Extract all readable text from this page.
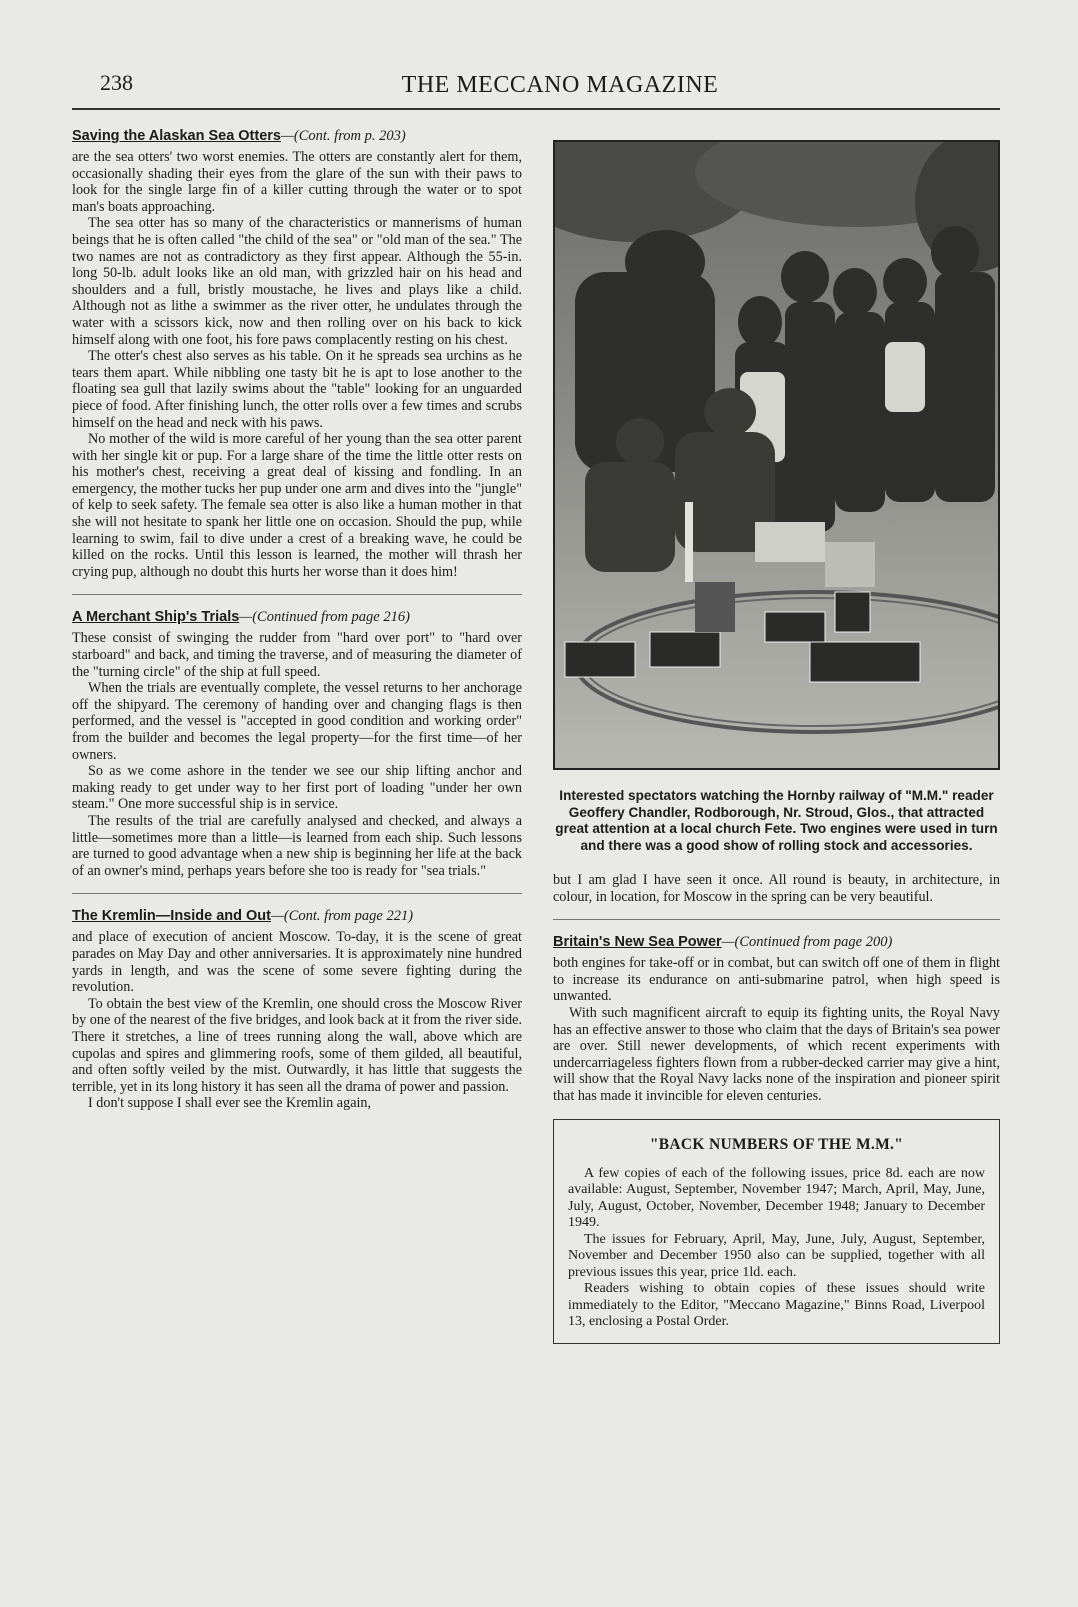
238	THE MECCANO MAGAZINE
Saving the Alaskan Sea Otters—(Cont. from p. 203)

are the sea otters' two worst enemies. The otters are constantly alert for them, occasionally shading their eyes from the glare of the sun with their paws to look for the single large fin of a killer cutting through the water or to spot man's boats approaching.

The sea otter has so many of the characteristics or mannerisms of human beings that he is often called "the child of the sea" or "old man of the sea." The two names are not as contradictory as they first appear. Although the 55-in. long 50-lb. adult looks like an old man, with grizzled hair on his head and shoulders and a full, bristly moustache, he lives and plays like a child. Although not as lithe a swimmer as the river otter, he undulates through the water with a scissors kick, now and then rolling over on his back to kick himself along with one foot, his fore paws complacently resting on his chest.

The otter's chest also serves as his table. On it he spreads sea urchins as he tears them apart. While nibbling one tasty bit he is apt to lose another to the floating sea gull that lazily swims about the "table" looking for an unguarded piece of food. After finishing lunch, the otter rolls over a few times and scrubs himself on the head and neck with his paws.

No mother of the wild is more careful of her young than the sea otter parent with her single kit or pup. For a large share of the time the little otter rests on his mother's chest, receiving a great deal of kissing and fondling. In an emergency, the mother tucks her pup under one arm and dives into the "jungle" of kelp to seek safety. The female sea otter is also like a human mother in that she will not hesitate to spank her little one on occasion. Should the pup, while learning to swim, fail to dive under a crest of a breaking wave, he could be killed on the rocks. Until this lesson is learned, the mother will thrash her crying pup, although no doubt this hurts her worse than it does him!

A Merchant Ship's Trials—(Continued from page 216)

These consist of swinging the rudder from "hard over port" to "hard over starboard" and back, and timing the traverse, and of measuring the diameter of the "turning circle" of the ship at full speed.

When the trials are eventually complete, the vessel returns to her anchorage off the shipyard. The ceremony of handing over and changing flags is then performed, and the vessel is "accepted in good condition and working order" from the builder and becomes the legal property—for the first time—of her owners.

So as we come ashore in the tender we see our ship lifting anchor and making ready to get under way to her first port of loading "under her own steam." One more successful ship is in service.

The results of the trial are carefully analysed and checked, and always a little—sometimes more than a little—is learned from each ship. Such lessons are turned to good advantage when a new ship is beginning her life at the back of an owner's mind, perhaps years before she too is ready for "sea trials."

The Kremlin—Inside and Out—(Cont. from page 221)

and place of execution of ancient Moscow. To-day, it is the scene of great parades on May Day and other anniversaries. It is approximately nine hundred yards in length, and was the scene of some severe fighting during the revolution.

To obtain the best view of the Kremlin, one should cross the Moscow River by one of the nearest of the five bridges, and look back at it from the river side. There it stretches, a line of trees running along the wall, above which are cupolas and spires and glimmering roofs, some of them gilded, all beautiful, and often softly veiled by the mist. Outwardly, it has little that suggests the terrible, yet in its long history it has seen all the drama of power and passion.

I don't suppose I shall ever see the Kremlin again,

Interested spectators watching the Hornby railway of "M.M." reader Geoffery Chandler, Rodborough, Nr. Stroud, Glos., that attracted great attention at a local church Fete. Two engines were used in turn and there was a good show of rolling stock and accessories.

but I am glad I have seen it once. All round is beauty, in architecture, in colour, in location, for Moscow in the spring can be very beautiful.

Britain's New Sea Power—(Continued from page 200)

both engines for take-off or in combat, but can switch off one of them in flight to increase its endurance on anti-submarine patrol, when high speed is unwanted.

With such magnificent aircraft to equip its fighting units, the Royal Navy has an effective answer to those who claim that the days of Britain's sea power are over. Still newer developments, of which recent experiments with undercarriageless fighters flown from a rubber-decked carrier may give a hint, will show that the Royal Navy lacks none of the inspiration and pioneer spirit that has made it invincible for eleven centuries.

"BACK NUMBERS OF THE M.M."

A few copies of each of the following issues, price 8d. each are now available: August, September, November 1947; March, April, May, June, July, August, October, November, December 1948; January to December 1949.

The issues for February, April, May, June, July, August, September, November and December 1950 also can be supplied, together with all previous issues this year, price 1ld. each.

Readers wishing to obtain copies of these issues should write immediately to the Editor, "Meccano Magazine," Binns Road, Liverpool 13, enclosing a Postal Order.
